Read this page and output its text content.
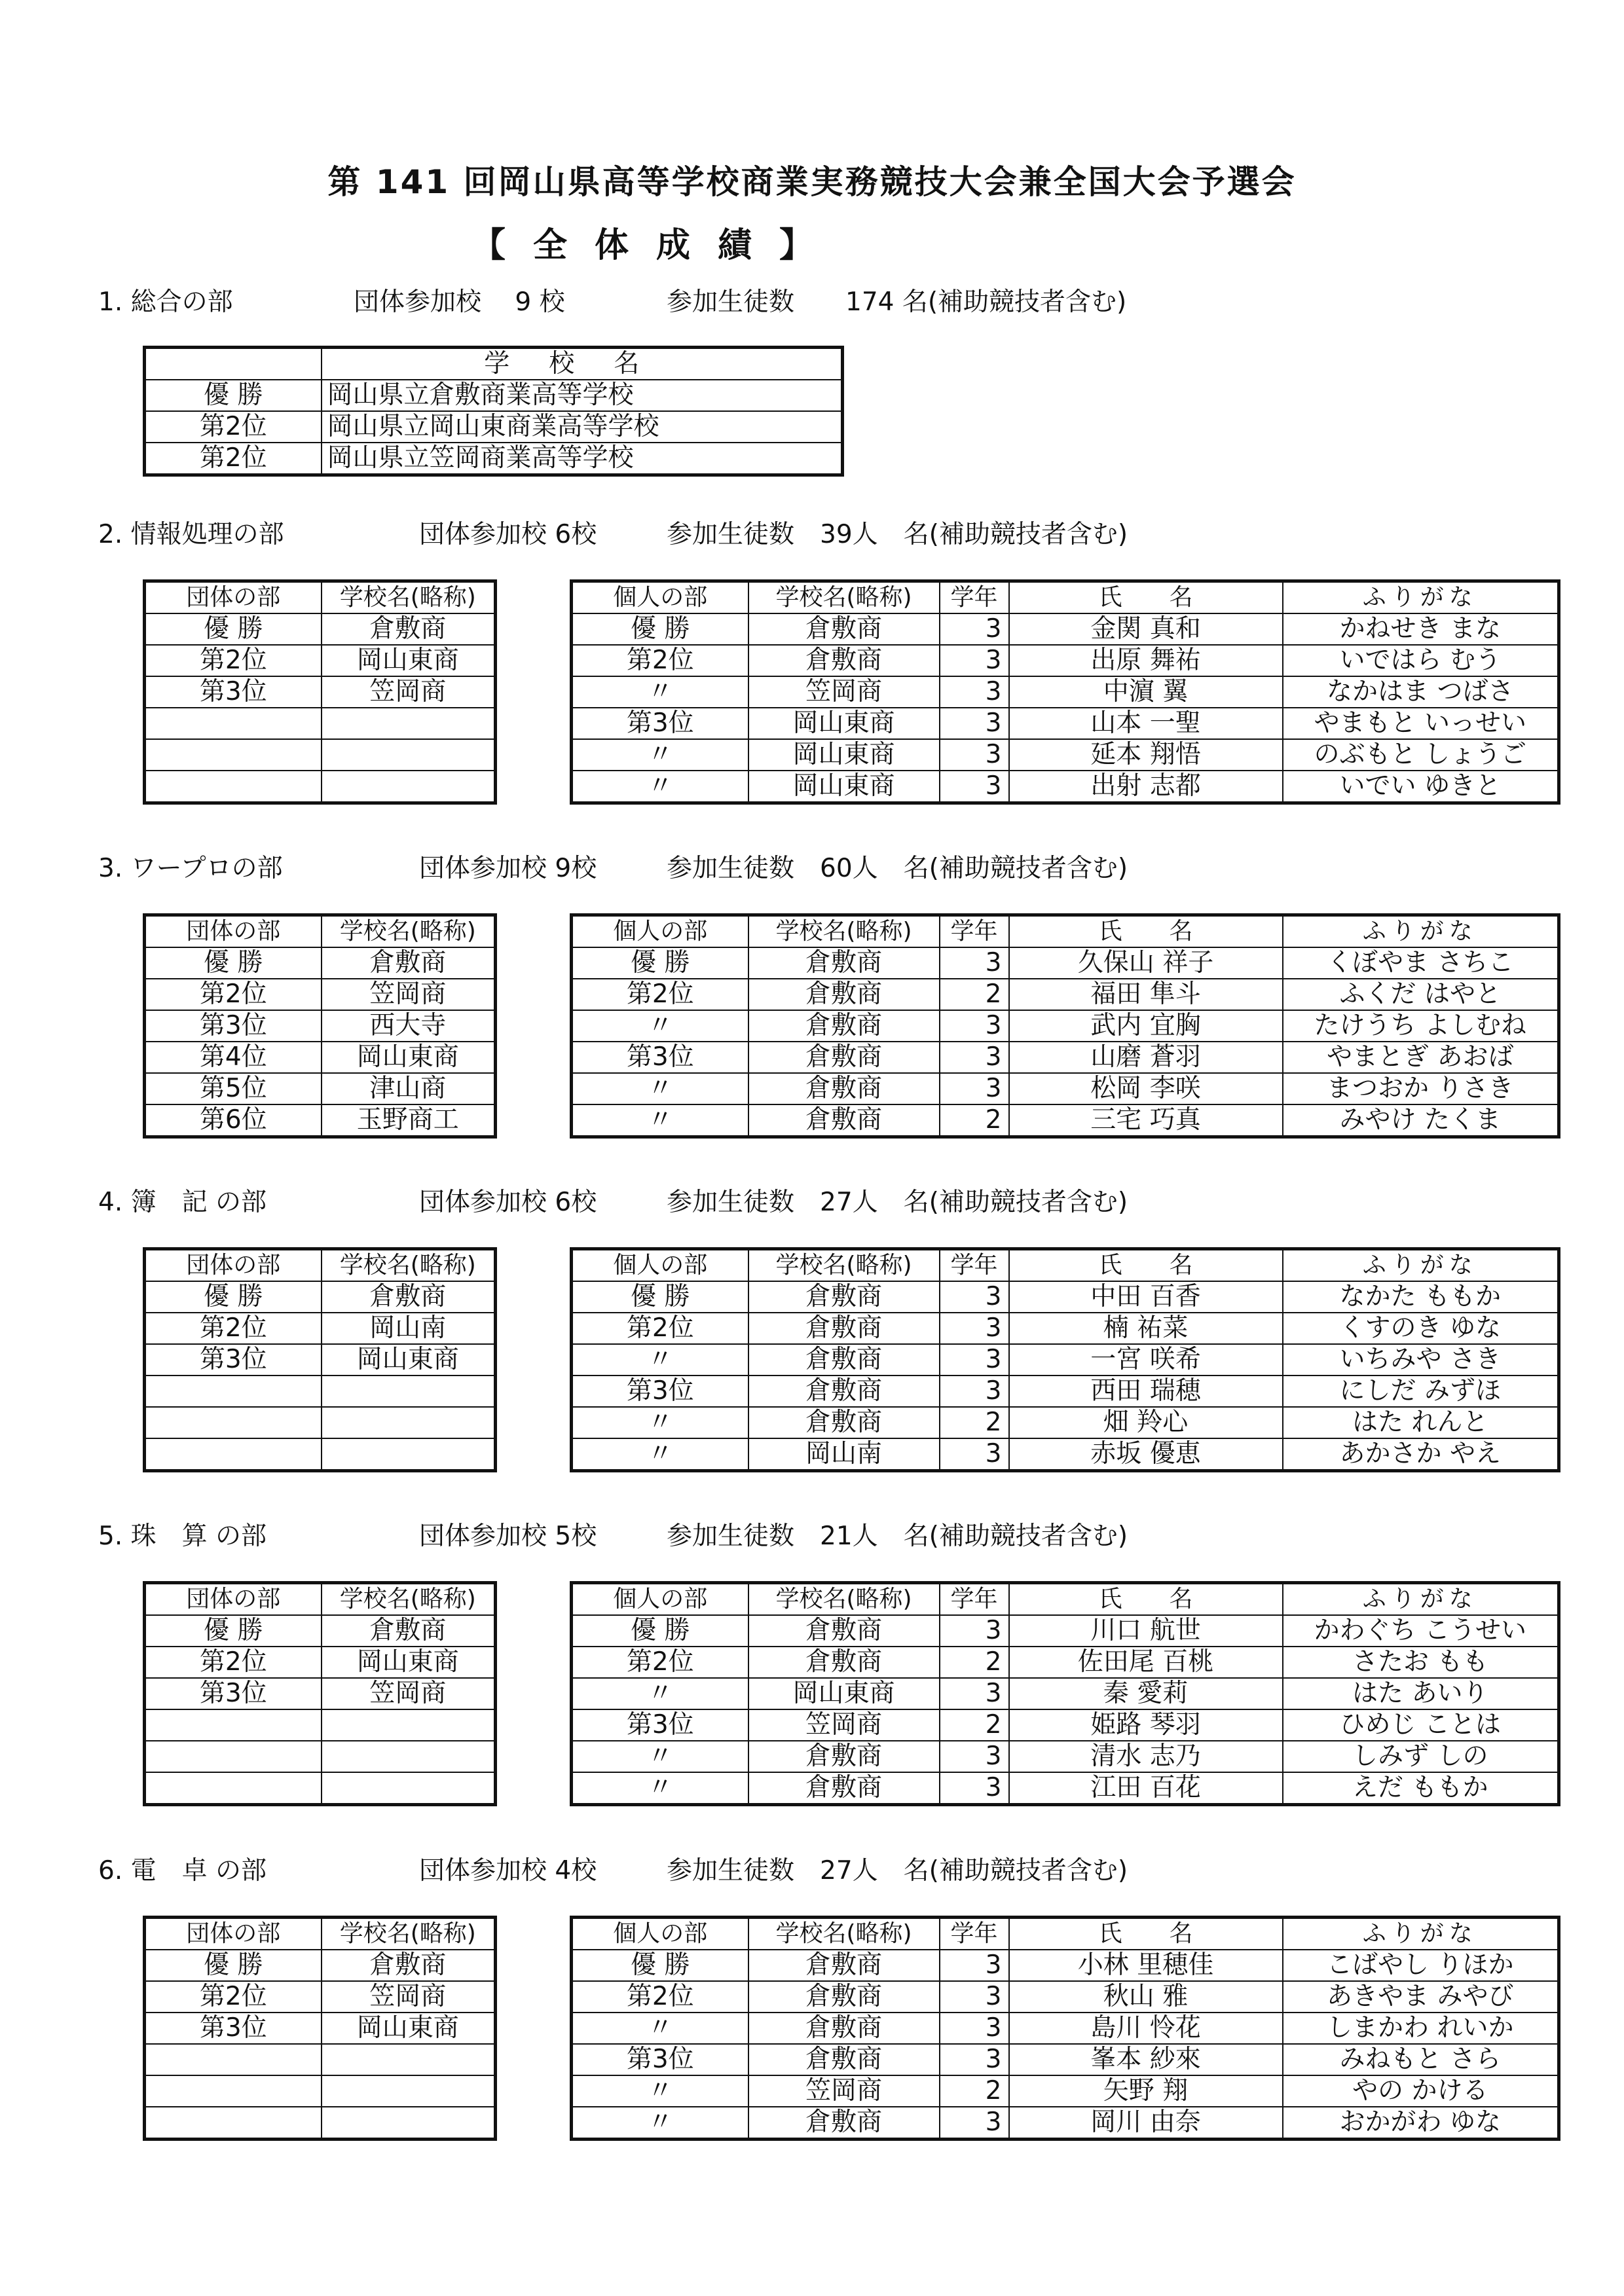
第 141 回岡山県高等学校商業実務競技大会兼全国大会予選会
【全体成績】
1. 総合の部	団体参加校　 9 校	参加生徒数　　174 名(補助競技者含む)
	学校名
優 勝	岡山県立倉敷商業高等学校
第2位	岡山県立岡山東商業高等学校
第2位	岡山県立笠岡商業高等学校
2. 情報処理の部	団体参加校 6校	参加生徒数　39人　名(補助競技者含む)
団体の部	学校名(略称)
優 勝	倉敷商
第2位	岡山東商
第3位	笠岡商

個人の部	学校名(略称)	学年	氏　　名	ふりがな
優 勝	倉敷商	3	金関 真和	かねせき まな
第2位	倉敷商	3	出原 舞祐	いではら むう
〃	笠岡商	3	中濵 翼	なかはま つばさ
第3位	岡山東商	3	山本 一聖	やまもと いっせい
〃	岡山東商	3	延本 翔悟	のぶもと しょうご
〃	岡山東商	3	出射 志都	いでい ゆきと
3. ワープロの部	団体参加校 9校	参加生徒数　60人　名(補助競技者含む)
団体の部	学校名(略称)
優 勝	倉敷商
第2位	笠岡商
第3位	西大寺
第4位	岡山東商
第5位	津山商
第6位	玉野商工
個人の部	学校名(略称)	学年	氏　　名	ふりがな
優 勝	倉敷商	3	久保山 祥子	くぼやま さちこ
第2位	倉敷商	2	福田 隼斗	ふくだ はやと
〃	倉敷商	3	武内 宜胸	たけうち よしむね
第3位	倉敷商	3	山磨 蒼羽	やまとぎ あおば
〃	倉敷商	3	松岡 李咲	まつおか りさき
〃	倉敷商	2	三宅 巧真	みやけ たくま
4. 簿　記 の部	団体参加校 6校	参加生徒数　27人　名(補助競技者含む)
団体の部	学校名(略称)
優 勝	倉敷商
第2位	岡山南
第3位	岡山東商

個人の部	学校名(略称)	学年	氏　　名	ふりがな
優 勝	倉敷商	3	中田 百香	なかた ももか
第2位	倉敷商	3	楠 祐菜	くすのき ゆな
〃	倉敷商	3	一宮 咲希	いちみや さき
第3位	倉敷商	3	西田 瑞穂	にしだ みずほ
〃	倉敷商	2	畑 羚心	はた れんと
〃	岡山南	3	赤坂 優恵	あかさか やえ
5. 珠　算 の部	団体参加校 5校	参加生徒数　21人　名(補助競技者含む)
団体の部	学校名(略称)
優 勝	倉敷商
第2位	岡山東商
第3位	笠岡商

個人の部	学校名(略称)	学年	氏　　名	ふりがな
優 勝	倉敷商	3	川口 航世	かわぐち こうせい
第2位	倉敷商	2	佐田尾 百桃	さたお もも
〃	岡山東商	3	秦 愛莉	はた あいり
第3位	笠岡商	2	姫路 琴羽	ひめじ ことは
〃	倉敷商	3	清水 志乃	しみず しの
〃	倉敷商	3	江田 百花	えだ ももか
6. 電　卓 の部	団体参加校 4校	参加生徒数　27人　名(補助競技者含む)
団体の部	学校名(略称)
優 勝	倉敷商
第2位	笠岡商
第3位	岡山東商

個人の部	学校名(略称)	学年	氏　　名	ふりがな
優 勝	倉敷商	3	小林 里穂佳	こばやし りほか
第2位	倉敷商	3	秋山 雅	あきやま みやび
〃	倉敷商	3	島川 怜花	しまかわ れいか
第3位	倉敷商	3	峯本 紗來	みねもと さら
〃	笠岡商	2	矢野 翔	やの かける
〃	倉敷商	3	岡川 由奈	おかがわ ゆな
